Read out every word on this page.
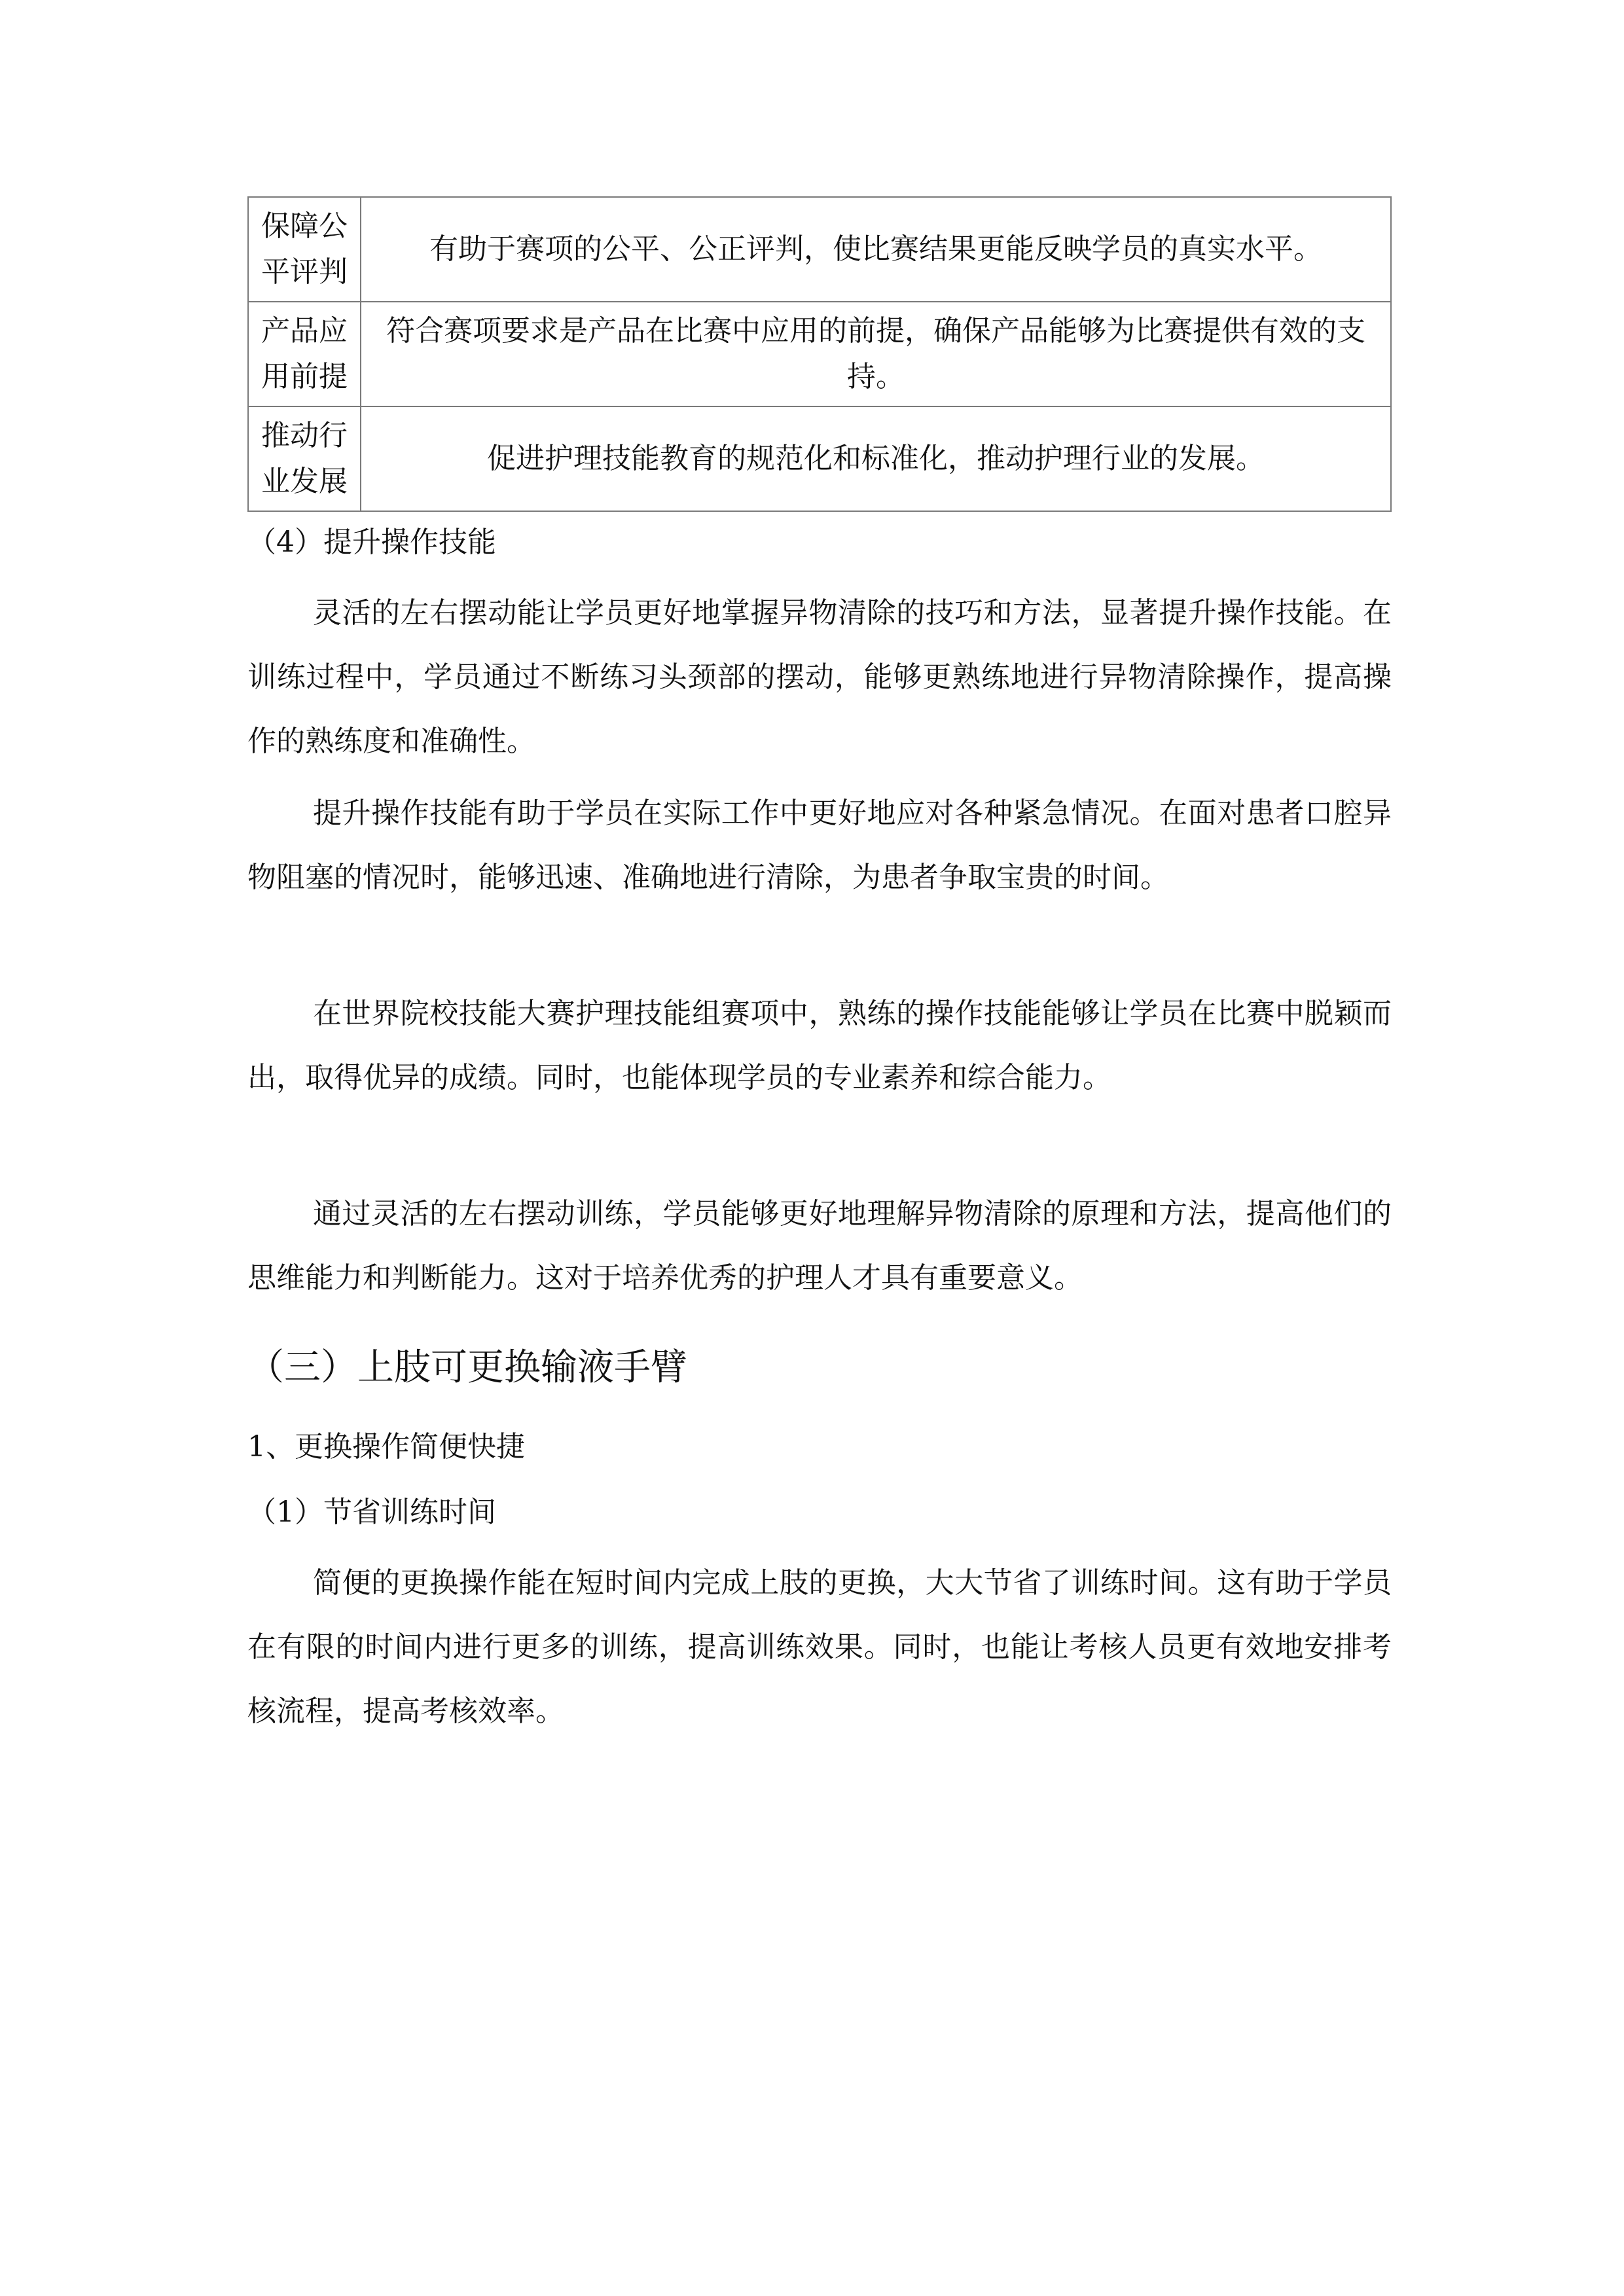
保障公平评判	有助于赛项的公平、公正评判，使比赛结果更能反映学员的真实水平。
产品应用前提	符合赛项要求是产品在比赛中应用的前提，确保产品能够为比赛提供有效的支持。
推动行业发展	促进护理技能教育的规范化和标准化，推动护理行业的发展。

（4）提升操作技能

灵活的左右摆动能让学员更好地掌握异物清除的技巧和方法，显著提升操作技能。在训练过程中，学员通过不断练习头颈部的摆动，能够更熟练地进行异物清除操作，提高操作的熟练度和准确性。

提升操作技能有助于学员在实际工作中更好地应对各种紧急情况。在面对患者口腔异物阻塞的情况时，能够迅速、准确地进行清除，为患者争取宝贵的时间。

在世界院校技能大赛护理技能组赛项中，熟练的操作技能能够让学员在比赛中脱颖而出，取得优异的成绩。同时，也能体现学员的专业素养和综合能力。

通过灵活的左右摆动训练，学员能够更好地理解异物清除的原理和方法，提高他们的思维能力和判断能力。这对于培养优秀的护理人才具有重要意义。

（三）上肢可更换输液手臂

1、更换操作简便快捷

（1）节省训练时间

简便的更换操作能在短时间内完成上肢的更换，大大节省了训练时间。这有助于学员在有限的时间内进行更多的训练，提高训练效果。同时，也能让考核人员更有效地安排考核流程，提高考核效率。
